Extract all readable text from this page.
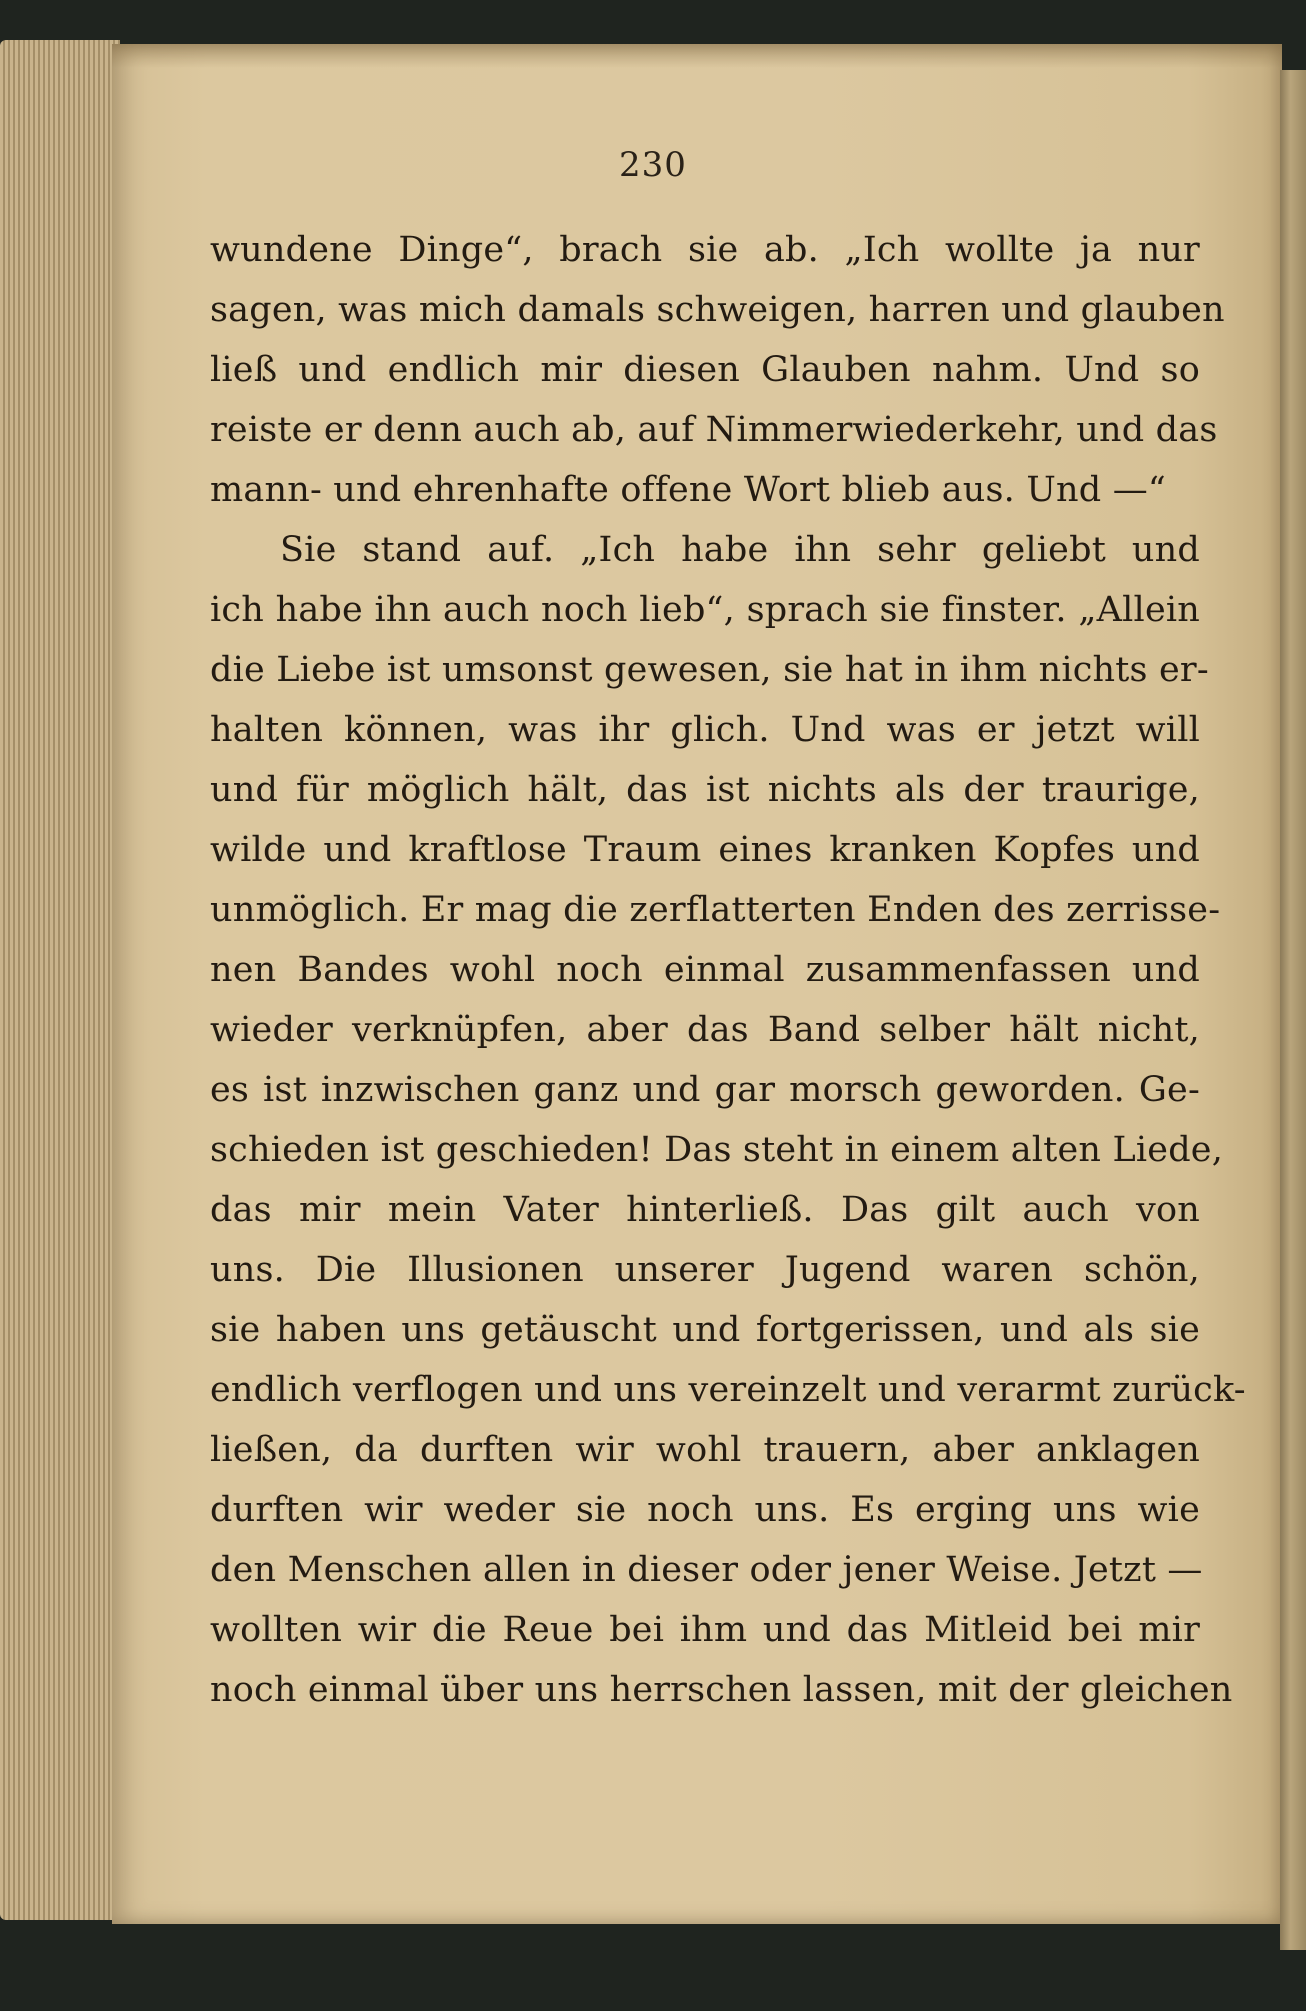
230
wundene Dinge“, brach sie ab. „Ich wollte ja nur
sagen, was mich damals schweigen, harren und glauben
ließ und endlich mir diesen Glauben nahm. Und so
reiste er denn auch ab, auf Nimmerwiederkehr, und das
mann- und ehrenhafte offene Wort blieb aus. Und —“
Sie stand auf. „Ich habe ihn sehr geliebt und
ich habe ihn auch noch lieb“, sprach sie finster. „Allein
die Liebe ist umsonst gewesen, sie hat in ihm nichts er-
halten können, was ihr glich. Und was er jetzt will
und für möglich hält, das ist nichts als der traurige,
wilde und kraftlose Traum eines kranken Kopfes und
unmöglich. Er mag die zerflatterten Enden des zerrisse-
nen Bandes wohl noch einmal zusammenfassen und
wieder verknüpfen, aber das Band selber hält nicht,
es ist inzwischen ganz und gar morsch geworden. Ge-
schieden ist geschieden! Das steht in einem alten Liede,
das mir mein Vater hinterließ. Das gilt auch von
uns. Die Illusionen unserer Jugend waren schön,
sie haben uns getäuscht und fortgerissen, und als sie
endlich verflogen und uns vereinzelt und verarmt zurück-
ließen, da durften wir wohl trauern, aber anklagen
durften wir weder sie noch uns. Es erging uns wie
den Menschen allen in dieser oder jener Weise. Jetzt —
wollten wir die Reue bei ihm und das Mitleid bei mir
noch einmal über uns herrschen lassen, mit der gleichen
